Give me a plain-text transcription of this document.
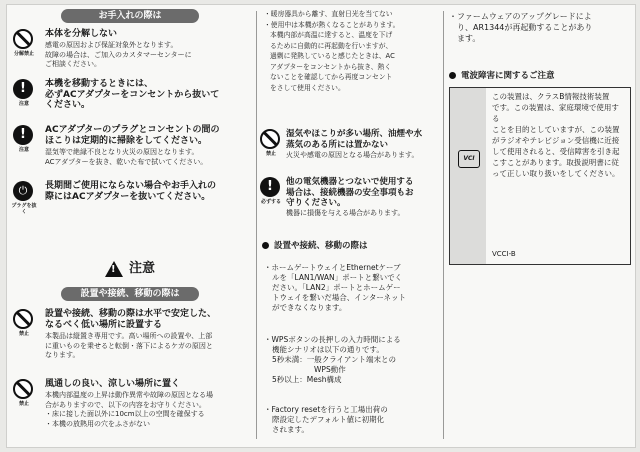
お手入れの際は
分解禁止
本体を分解しない
感電の原因および保証対象外となります。
故障の場合は、ご加入のカスタマーセンターに
ご相談ください。
!
注意
本機を移動するときには、
必ずACアダプターをコンセントから抜いて
ください。
!
注意
ACアダプターのプラグとコンセントの間の
ほこりは定期的に掃除をしてください。
湿気等で絶縁不良となり火災の原因となります。
ACアダプターを抜き、乾いた布で拭いてください。
⏻
プラグを抜く
長期間ご使用にならない場合やお手入れの
際にはACアダプターを抜いてください。
! 注意
設置や接続、移動の際は
禁止
設置や接続、移動の際は水平で安定した、
なるべく低い場所に設置する
本製品は縦置き専用です。高い場所への設置や、上部
に重いものを乗せると転倒・落下によるケガの原因と
なります。
禁止
風通しの良い、涼しい場所に置く
本機内部温度の上昇は動作異常や故障の原因となる場
合がありますので、以下の内容をお守りください。
・床に接した面以外に10cm以上の空間を確保する
・本機の放熱用の穴をふさがない
・暖房器具から離す、直射日光を当てない
・使用中は本機が熱くなることがあります。
本機内部が高温に達すると、温度を下げ
るために自動的に再起動を行いますが、
過剰に発熱していると感じたときは、AC
アダプターをコンセントから抜き、熱く
ないことを確認してから再度コンセント
をさして使用ください。
禁止
湿気やほこりが多い場所、油煙や水
蒸気のある所には置かない
火災や感電の原因となる場合があります。
!
必ずする
他の電気機器とつないで使用する
場合は、接続機器の安全事項もお
守りください。
機器に損傷を与える場合があります。
設置や接続、移動の際は
・ホームゲートウェイとEthernetケーブ
ルを「LAN1/WAN」ポートと繋いでく
ださい。「LAN2」ポートとホームゲー
トウェイを繋いだ場合、インターネット
ができなくなります。
・WPSボタンの長押しの入力時間による
機能シナリオは以下の通りです。
5秒未満：一般クライアント端末との
WPS動作
5秒以上：Mesh構成
・Factory resetを行うと工場出荷の
際設定したデフォルト値に初期化
されます。
・ファームウェアのアップグレードによ
り、AR1344が再起動することがあり
ます。
電波障害に関するご注意
VCI
この装置は、クラスB情報技術装置
です。この装置は、家庭環境で使用する
ことを目的としていますが、この装置
がラジオやテレビジョン受信機に近接
して使用されると、受信障害を引き起
こすことがあります。取扱説明書に従
って正しい取り扱いをしてください。
VCCI-B
